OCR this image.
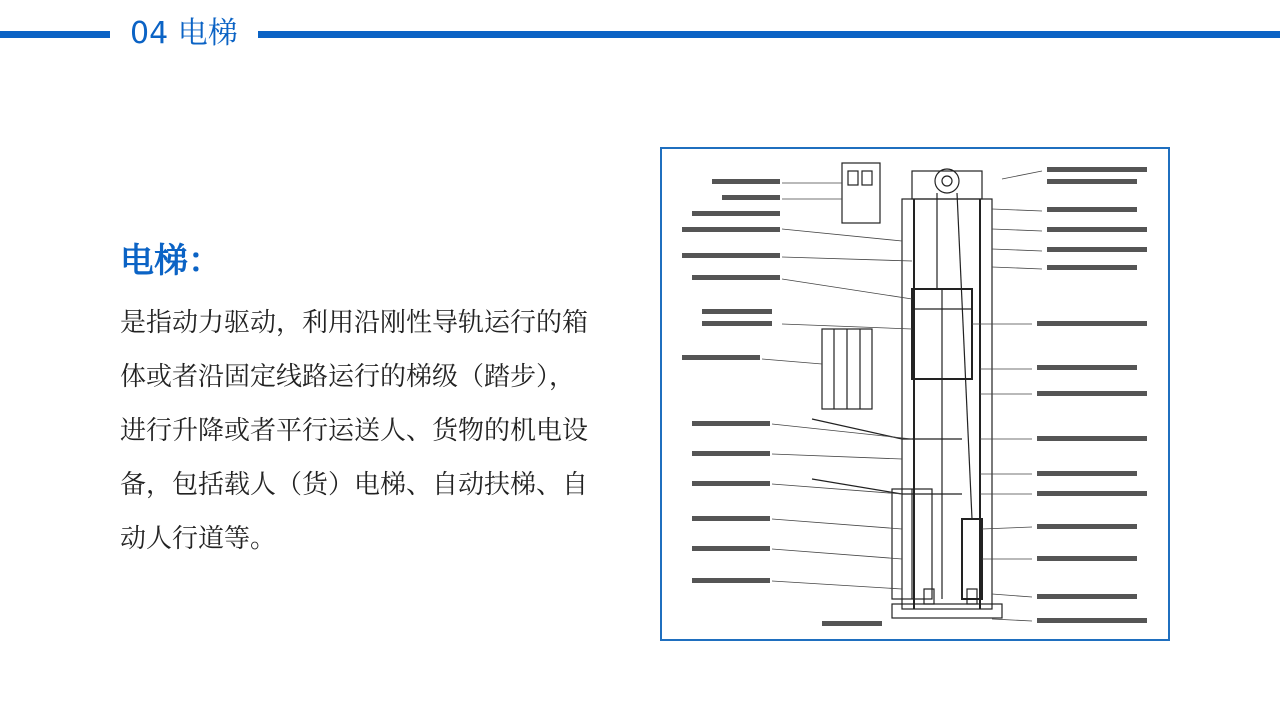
04 电梯
电梯：
是指动力驱动，利用沿刚性导轨运行的箱体或者沿固定线路运行的梯级（踏步），进行升降或者平行运送人、货物的机电设备，包括载人（货）电梯、自动扶梯、自动人行道等。
